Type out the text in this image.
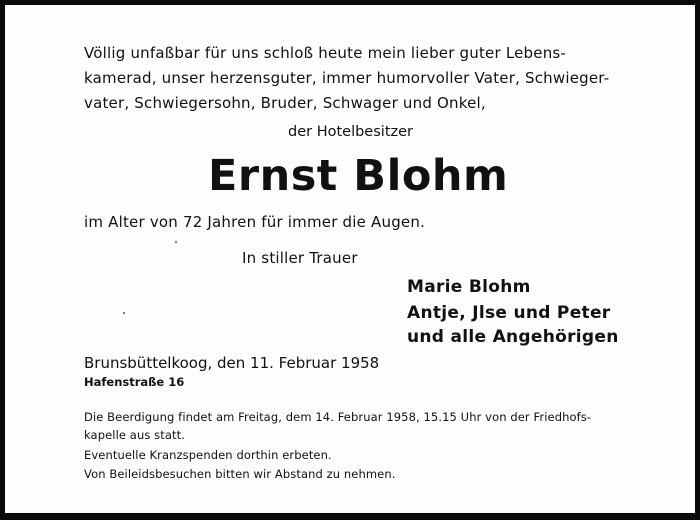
Völlig unfaßbar für uns schloß heute mein lieber guter Lebens-
kamerad, unser herzensguter, immer humorvoller Vater, Schwieger-
vater, Schwiegersohn, Bruder, Schwager und Onkel,
der Hotelbesitzer
Ernst Blohm
im Alter von 72 Jahren für immer die Augen.
In stiller Trauer
Marie Blohm
Antje, Jlse und Peter
und alle Angehörigen
Brunsbüttelkoog, den 11. Februar 1958
Hafenstraße 16
Die Beerdigung findet am Freitag, dem 14. Februar 1958, 15.15 Uhr von der Friedhofs-
kapelle aus statt.
Eventuelle Kranzspenden dorthin erbeten.
Von Beileidsbesuchen bitten wir Abstand zu nehmen.
